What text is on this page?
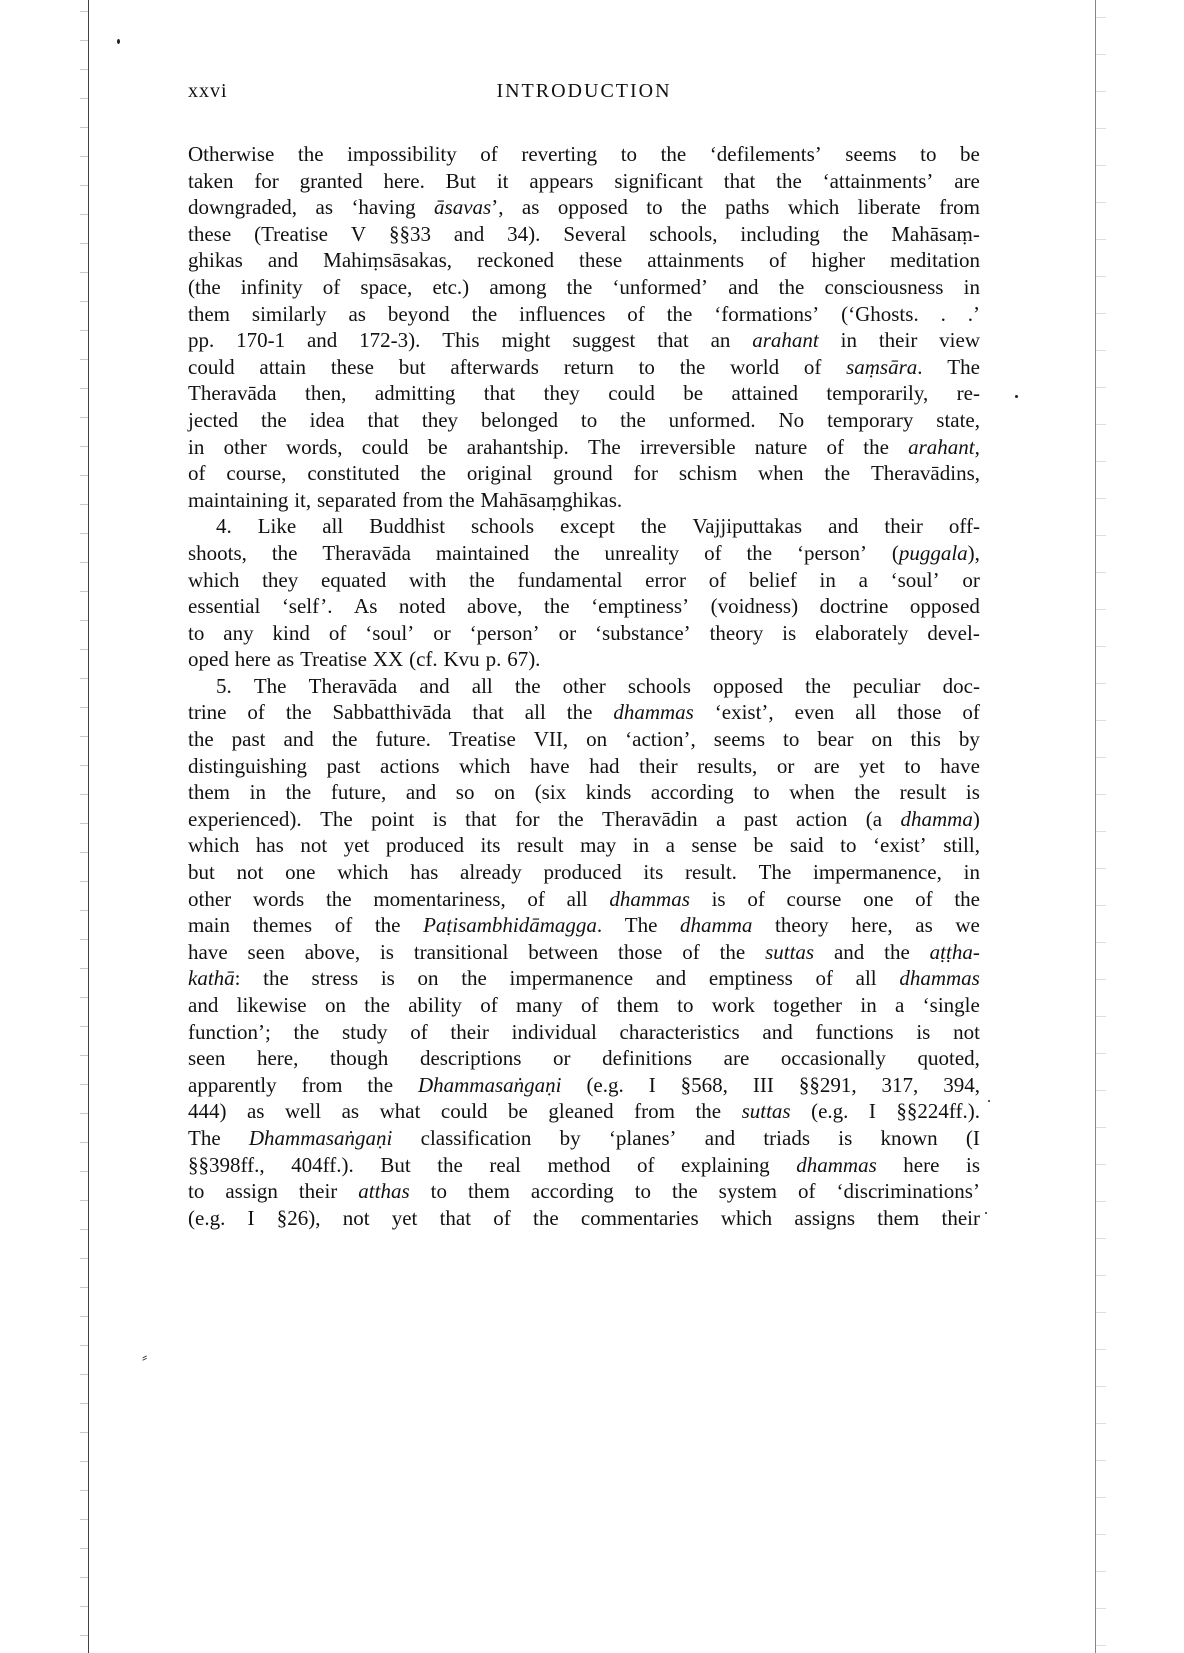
xxvi	INTRODUCTION
⸗
Otherwise the impossibility of reverting to the ‘defilements’ seems to be
taken for granted here. But it appears significant that the ‘attainments’ are
downgraded, as ‘having āsavas’, as opposed to the paths which liberate from
these (Treatise V §§33 and 34). Several schools, including the Mahāsaṃ-
ghikas and Mahiṃsāsakas, reckoned these attainments of higher meditation
(the infinity of space, etc.) among the ‘unformed’ and the consciousness in
them similarly as beyond the influences of the ‘formations’ (‘Ghosts. . .’
pp. 170-1 and 172-3). This might suggest that an arahant in their view
could attain these but afterwards return to the world of saṃsāra. The
Theravāda then, admitting that they could be attained temporarily, re-
jected the idea that they belonged to the unformed. No temporary state,
in other words, could be arahantship. The irreversible nature of the arahant,
of course, constituted the original ground for schism when the Theravādins,
maintaining it, separated from the Mahāsaṃghikas.
4. Like all Buddhist schools except the Vajjiputtakas and their off-
shoots, the Theravāda maintained the unreality of the ‘person’ (puggala),
which they equated with the fundamental error of belief in a ‘soul’ or
essential ‘self’. As noted above, the ‘emptiness’ (voidness) doctrine opposed
to any kind of ‘soul’ or ‘person’ or ‘substance’ theory is elaborately devel-
oped here as Treatise XX (cf. Kvu p. 67).
5. The Theravāda and all the other schools opposed the peculiar doc-
trine of the Sabbatthivāda that all the dhammas ‘exist’, even all those of
the past and the future. Treatise VII, on ‘action’, seems to bear on this by
distinguishing past actions which have had their results, or are yet to have
them in the future, and so on (six kinds according to when the result is
experienced). The point is that for the Theravādin a past action (a dhamma)
which has not yet produced its result may in a sense be said to ‘exist’ still,
but not one which has already produced its result. The impermanence, in
other words the momentariness, of all dhammas is of course one of the
main themes of the Paṭisambhidāmagga. The dhamma theory here, as we
have seen above, is transitional between those of the suttas and the aṭṭha-
kathā: the stress is on the impermanence and emptiness of all dhammas
and likewise on the ability of many of them to work together in a ‘single
function’; the study of their individual characteristics and functions is not
seen here, though descriptions or definitions are occasionally quoted,
apparently from the Dhammasaṅgaṇi (e.g. I §568, III §§291, 317, 394,
444) as well as what could be gleaned from the suttas (e.g. I §§224ff.).
The Dhammasaṅgaṇi classification by ‘planes’ and triads is known (I
§§398ff., 404ff.). But the real method of explaining dhammas here is
to assign their atthas to them according to the system of ‘discriminations’
(e.g. I §26), not yet that of the commentaries which assigns them their
